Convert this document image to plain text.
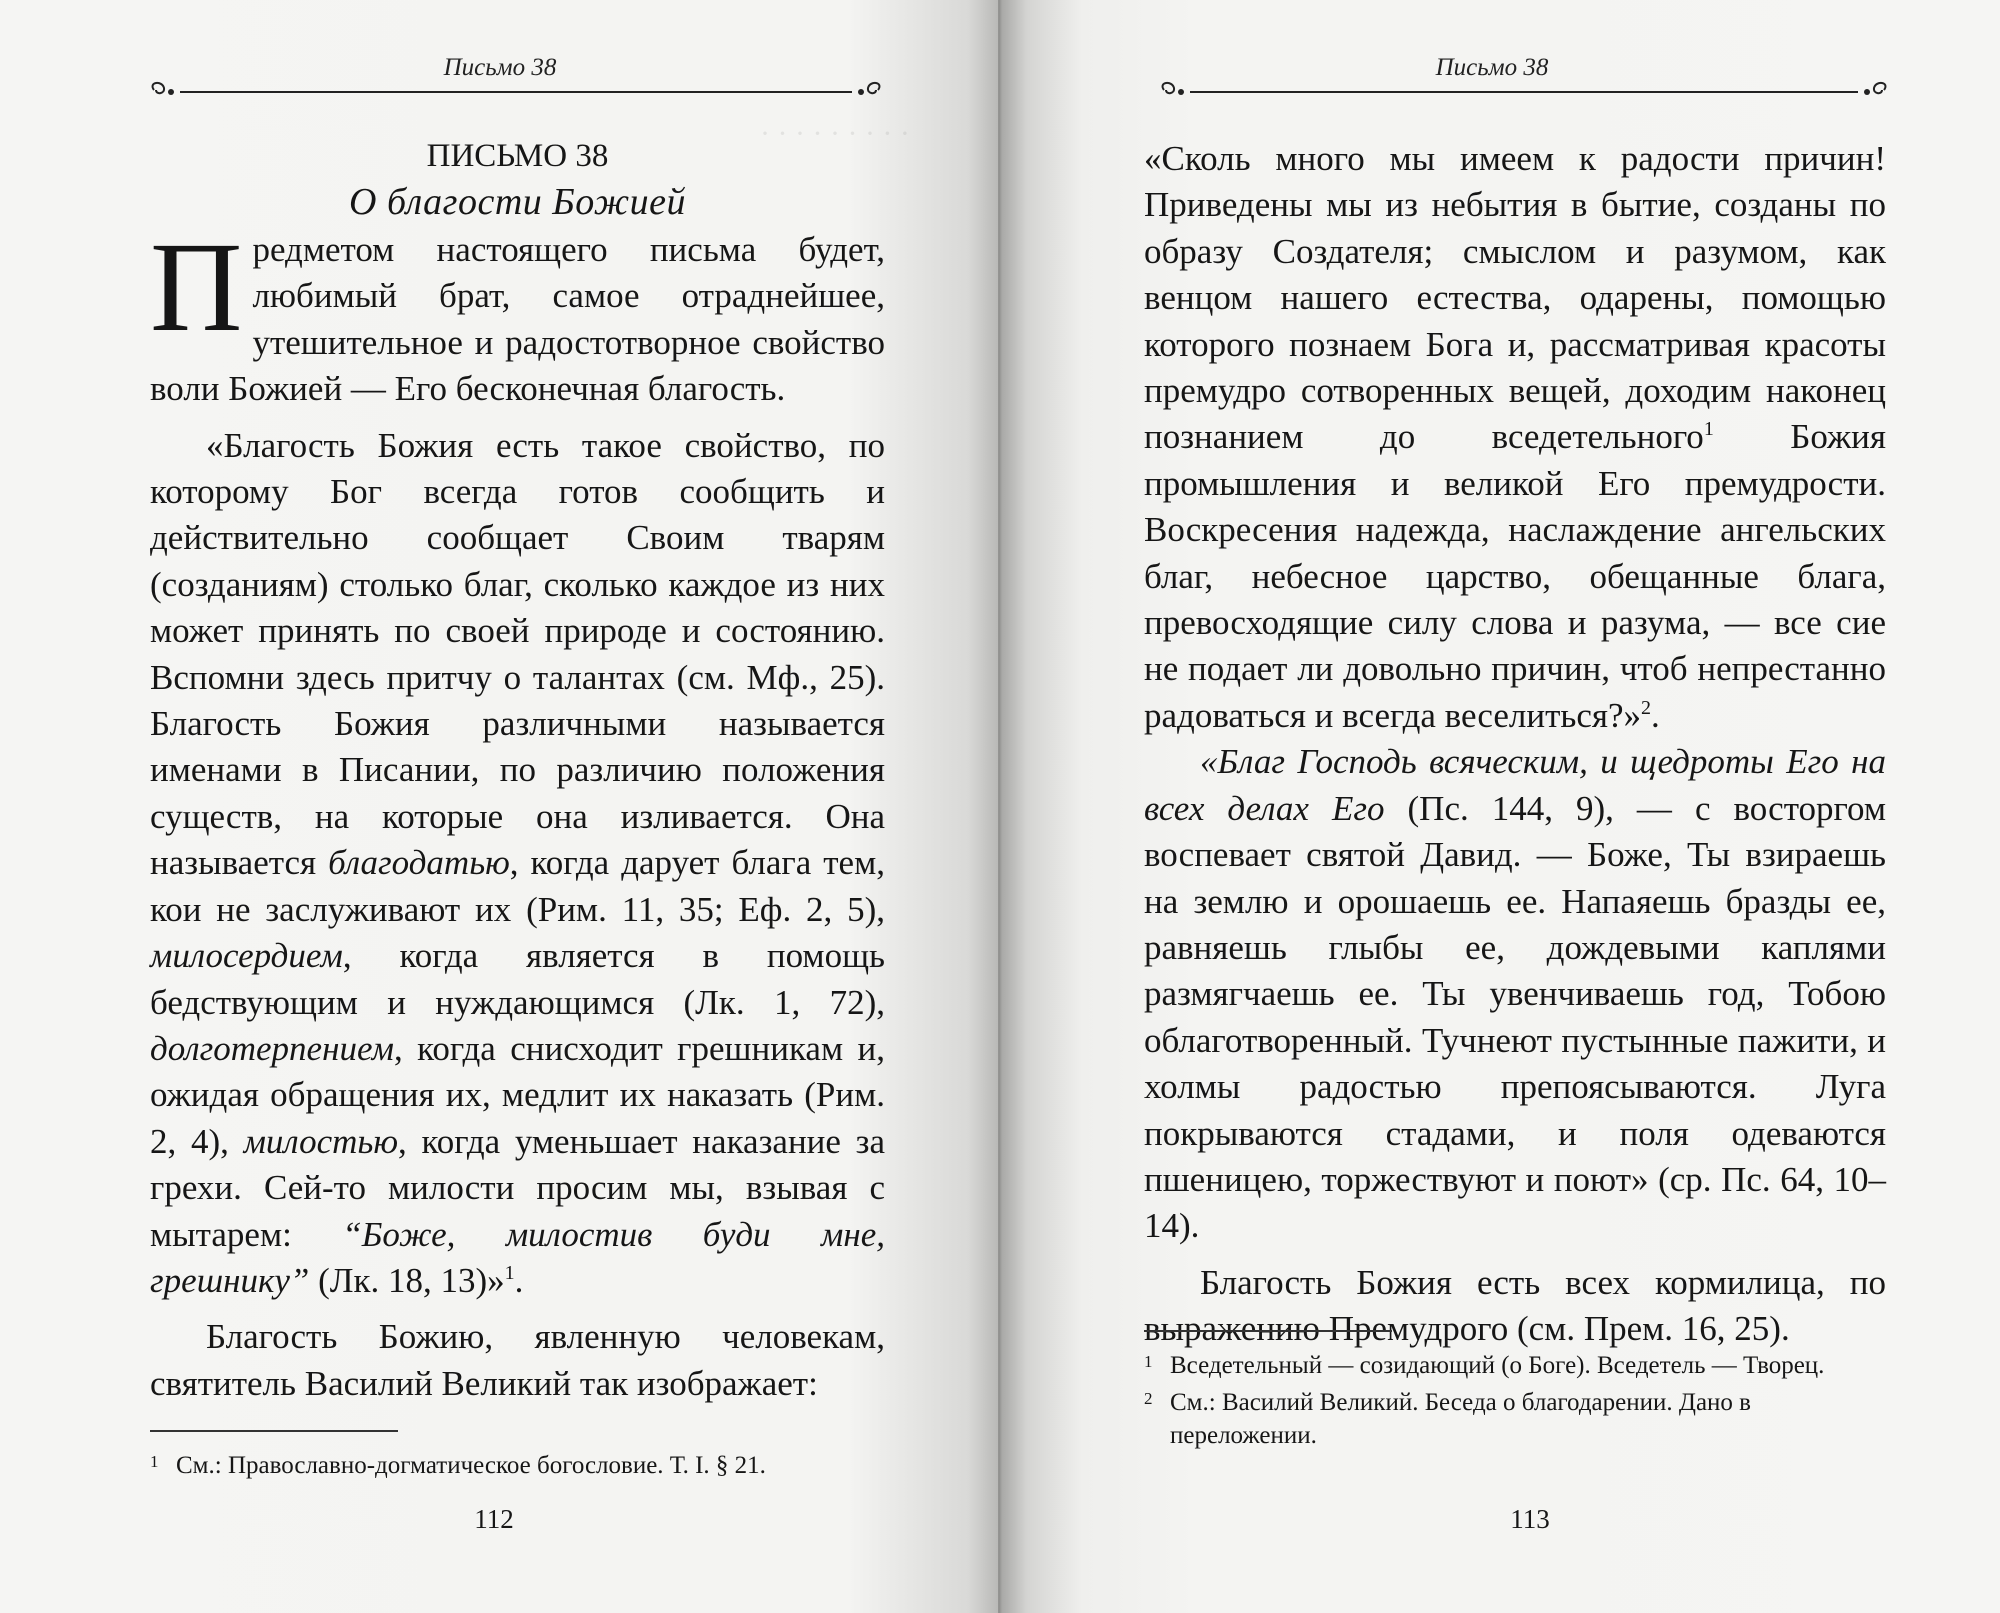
· · · · · · · · ·
Письмо 38

ПИСЬМО 38

О благости Божией

Предметом настоящего письма будет, любимый брат, самое отраднейшее, утешительное и радостотворное свойство воли Божией — Его бесконечная благость.

«Благость Божия есть такое свойство, по которому Бог всегда готов сообщить и действительно сообщает Своим тварям (созданиям) столько благ, сколько каждое из них может принять по своей природе и состоянию. Вспомни здесь притчу о талантах (см. Мф., 25). Благость Божия различными называется именами в Писании, по различию положения существ, на которые она изливается. Она называется благодатью, когда дарует блага тем, кои не заслуживают их (Рим. 11, 35; Еф. 2, 5), милосердием, когда является в помощь бедствующим и нуждающимся (Лк. 1, 72), долготерпением, когда снисходит грешникам и, ожидая обращения их, медлит их наказать (Рим. 2, 4), милостью, когда уменьшает наказание за грехи. Сей-то милости просим мы, взывая с мытарем: “Боже, милостив буди мне, грешнику” (Лк. 18, 13)»$^1$.

Благость Божию, явленную человекам, святитель Василий Великий так изображает:

1 См.: Православно-догматическое богословие. Т. I. § 21.

112
Письмо 38

«Сколь много мы имеем к радости причин! Приведены мы из небытия в бытие, созданы по образу Создателя; смыслом и разумом, как венцом нашего естества, одарены, помощью которого познаем Бога и, рассматривая красоты премудро сотворенных вещей, доходим наконец познанием до вседетельного$^1$ Божия промышления и великой Его премудрости. Воскресения надежда, наслаждение ангельских благ, небесное царство, обещанные блага, превосходящие силу слова и разума, — все сие не подает ли довольно причин, чтоб непрестанно радоваться и всегда веселиться?»$^2$.

«Благ Господь всяческим, и щедроты Его на всех делах Его (Пс. 144, 9), — с восторгом воспевает святой Давид. — Боже, Ты взираешь на землю и орошаешь ее. Напаяешь бразды ее, равняешь глыбы ее, дождевыми каплями размягчаешь ее. Ты увенчиваешь год, Тобою облаготворенный. Тучнеют пустынные пажити, и холмы радостью препоясываются. Луга покрываются стадами, и поля одеваются пшеницею, торжествуют и поют» (ср. Пс. 64, 10–14).

Благость Божия есть всех кормилица, по выражению Премудрого (см. Прем. 16, 25).

1 Вседетельный — созидающий (о Боге). Вседетель — Творец.

2 См.: Василий Великий. Беседа о благодарении. Дано в переложении.

113
